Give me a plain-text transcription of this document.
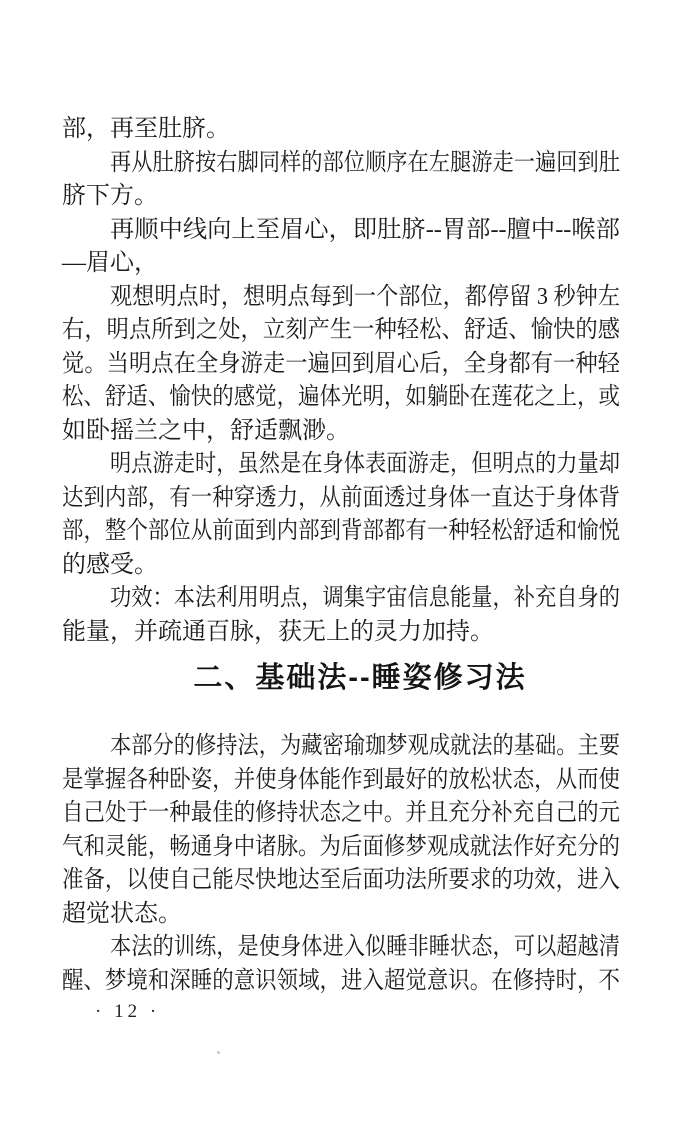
部，再至肚脐。
再从肚脐按右脚同样的部位顺序在左腿游走一遍回到肚
脐下方。
再顺中线向上至眉心，即肚脐--胃部--膻中--喉部
—眉心，
观想明点时，想明点每到一个部位，都停留 3 秒钟左
右，明点所到之处，立刻产生一种轻松、舒适、愉快的感
觉。当明点在全身游走一遍回到眉心后，全身都有一种轻
松、舒适、愉快的感觉，遍体光明，如躺卧在莲花之上，或
如卧摇兰之中，舒适飘渺。
明点游走时，虽然是在身体表面游走，但明点的力量却
达到内部，有一种穿透力，从前面透过身体一直达于身体背
部，整个部位从前面到内部到背部都有一种轻松舒适和愉悦
的感受。
功效：本法利用明点，调集宇宙信息能量，补充自身的
能量，并疏通百脉，获无上的灵力加持。
二、基础法--睡姿修习法
本部分的修持法，为藏密瑜珈梦观成就法的基础。主要
是掌握各种卧姿，并使身体能作到最好的放松状态，从而使
自己处于一种最佳的修持状态之中。并且充分补充自己的元
气和灵能，畅通身中诸脉。为后面修梦观成就法作好充分的
准备，以使自己能尽快地达至后面功法所要求的功效，进入
超觉状态。
本法的训练，是使身体进入似睡非睡状态，可以超越清
醒、梦境和深睡的意识领域，进入超觉意识。在修持时，不
· 12 ·
